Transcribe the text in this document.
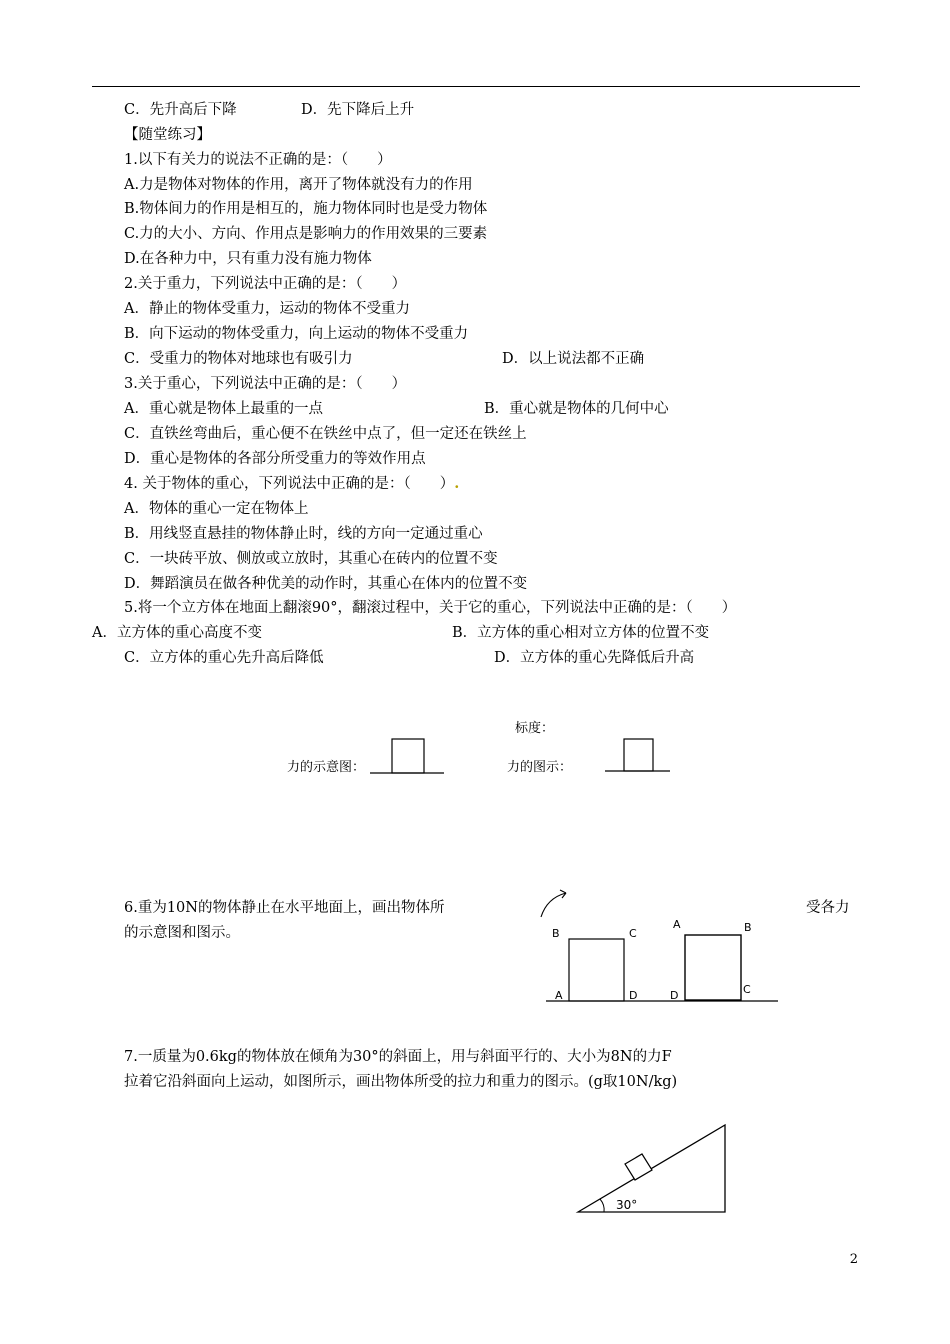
C．先升高后下降	D．先下降后上升
【随堂练习】
1.以下有关力的说法不正确的是：（　　）
A.力是物体对物体的作用，离开了物体就没有力的作用
B.物体间力的作用是相互的，施力物体同时也是受力物体
C.力的大小、方向、作用点是影响力的作用效果的三要素
D.在各种力中，只有重力没有施力物体
2.关于重力，下列说法中正确的是：（　　）
A．静止的物体受重力，运动的物体不受重力
B．向下运动的物体受重力，向上运动的物体不受重力
C．受重力的物体对地球也有吸引力	D．以上说法都不正确
3.关于重心，下列说法中正确的是：（　　）
A．重心就是物体上最重的一点	B．重心就是物体的几何中心
C．直铁丝弯曲后，重心便不在铁丝中点了，但一定还在铁丝上
D．重心是物体的各部分所受重力的等效作用点
4. 关于物体的重心，下列说法中正确的是：（　　）.
A．物体的重心一定在物体上
B．用线竖直悬挂的物体静止时，线的方向一定通过重心
C．一块砖平放、侧放或立放时，其重心在砖内的位置不变
D．舞蹈演员在做各种优美的动作时，其重心在体内的位置不变
5.将一个立方体在地面上翻滚90°，翻滚过程中，关于它的重心，下列说法中正确的是：（　　）
A．立方体的重心高度不变	B．立方体的重心相对立方体的位置不变
C．立方体的重心先升高后降低	D．立方体的重心先降低后升高
标度：
力的示意图：	力的图示：
6.重为10N的物体静止在水平地面上，画出物体所	受各力
的示意图和图示。	B	C
A	D
A	B
D	C
7.一质量为0.6kg的物体放在倾角为30°的斜面上，用与斜面平行的、大小为8N的力F
拉着它沿斜面向上运动，如图所示，画出物体所受的拉力和重力的图示。(g取10N/kg)
30°
2
